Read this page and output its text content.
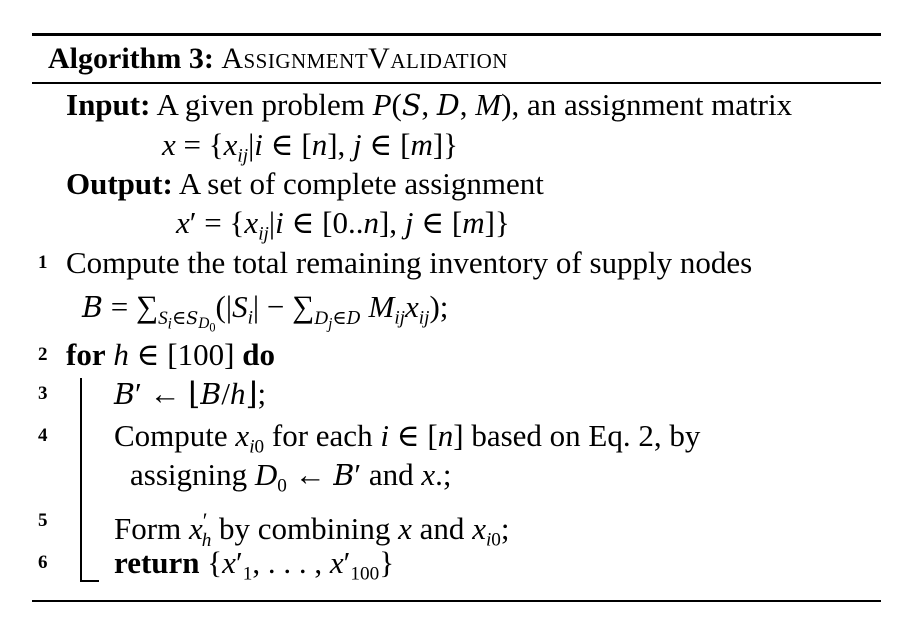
Algorithm 3: AssignmentValidation
Input: A given problem P(S, D, M), an assignment matrix
$x = \{x_{ij}|i$ ∈ [n], j ∈ [m]}
Output: A set of complete assignment
$x' = \{x_{ij}|i$ ∈ [0..n], j ∈ [m]}
1 Compute the total remaining inventory of supply nodes
$B = \sum_{S_i\in S_{D_0}}(|S_i| - \sum_{D_j\in D}$ $M_{ij}x_{ij}$);
2 for h ∈ [100] do
3 B′ ← ⌊B/h⌋;
4 Compute $x_{i0}$ for each i ∈ [n] based on Eq. 2, by
assigning $D_0$ ← B′ and x.;
5 Form $x'_h$ by combining x and $x_{i0}$;
6 return {$x'_1$, . . . , $x'_{100}$}
